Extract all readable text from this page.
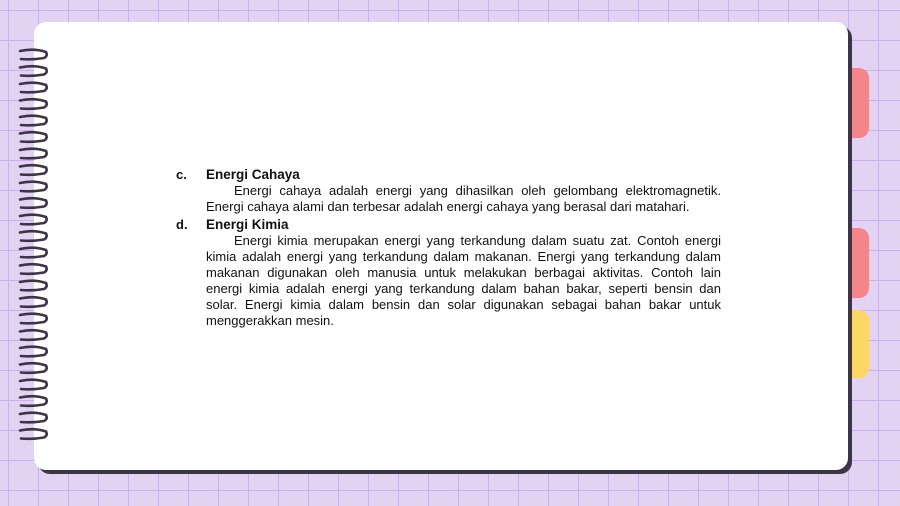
c.	Energi Cahaya

Energi cahaya adalah energi yang dihasilkan oleh gelombang elektromagnetik. Energi cahaya alami dan terbesar adalah energi cahaya yang berasal dari matahari.

d.	Energi Kimia

Energi kimia merupakan energi yang terkandung dalam suatu zat. Contoh energi kimia adalah energi yang terkandung dalam makanan. Energi yang terkandung dalam makanan digunakan oleh manusia untuk melakukan berbagai aktivitas. Contoh lain energi kimia adalah energi yang terkandung dalam bahan bakar, seperti bensin dan solar. Energi kimia dalam bensin dan solar digunakan sebagai bahan bakar untuk menggerakkan mesin.
